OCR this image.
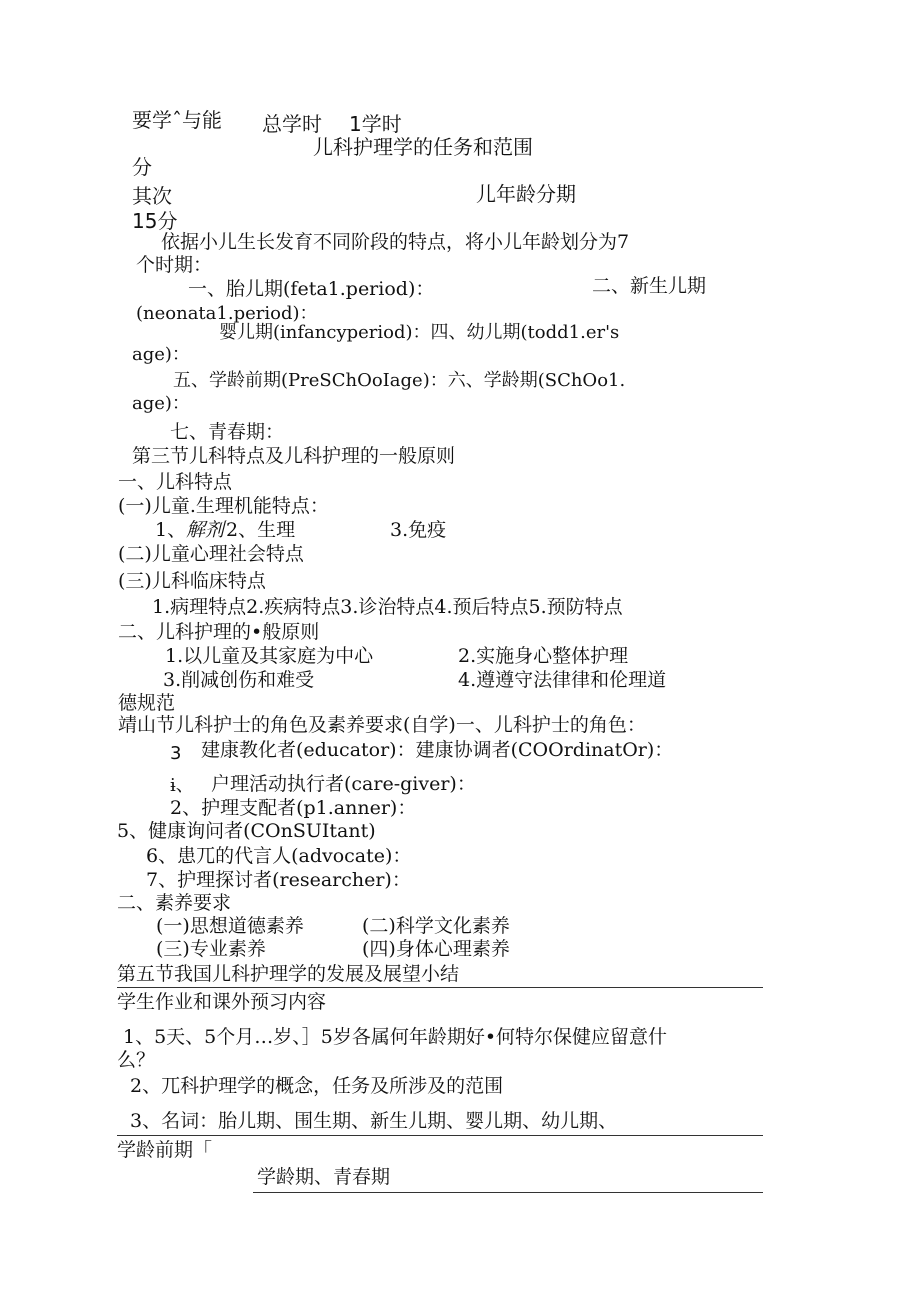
要学ˆ与能 总学时 1学时
儿科护理学的任务和范围
分
其次	儿年龄分期
15分
依据小儿生长发育不同阶段的特点，将小儿年龄划分为7
个时期：
一、胎儿期(feta1.period)：	二、新生儿期
(neonata1.period)：
婴儿期(infancyperiod)：四、幼儿期(todd1.er's
age)：
五、学龄前期(PreSChOoIage)：六、学龄期(SChOo1.
age)：
七、青春期：
第三节儿科特点及儿科护理的一般原则
一、儿科特点
(一)儿童.生理机能特点：
1、 解剂 2、生理	3.免疫
(二)儿童心理社会特点
(三)儿科临床特点
1.病理特点2.疾病特点3.诊治特点4.预后特点5.预防特点
二、儿科护理的•般原则
1.以儿童及其家庭为中心	2.实施身心整体护理
3.削减创伤和难受	4.遵遵守法律律和伦理道
德规范
靖山节儿科护士的角色及素养要求(自学)一、儿科护士的角色：
3 建康教化者(educator)：建康协调者(COOrdinatOr)：
ɨ、 户理活动执行者(care-giver)：
2、护理支配者(p1.anner)：
5、健康询问者(COnSUItant)
6、患兀的代言人(advocate)：
7、护理探讨者(researcher)：
二、素养要求
(一)思想道德素养	(二)科学文化素养
(三)专业素养	(四)身体心理素养
第五节我国儿科护理学的发展及展望小结
学生作业和课外预习内容
1、5天、5个月…岁、］5岁各属何年龄期好•何特尔保健应留意什
么？
2、兀科护理学的概念，任务及所涉及的范围
3、名词：胎儿期、围生期、新生儿期、婴儿期、幼儿期、
学龄前期「
学龄期、青春期
